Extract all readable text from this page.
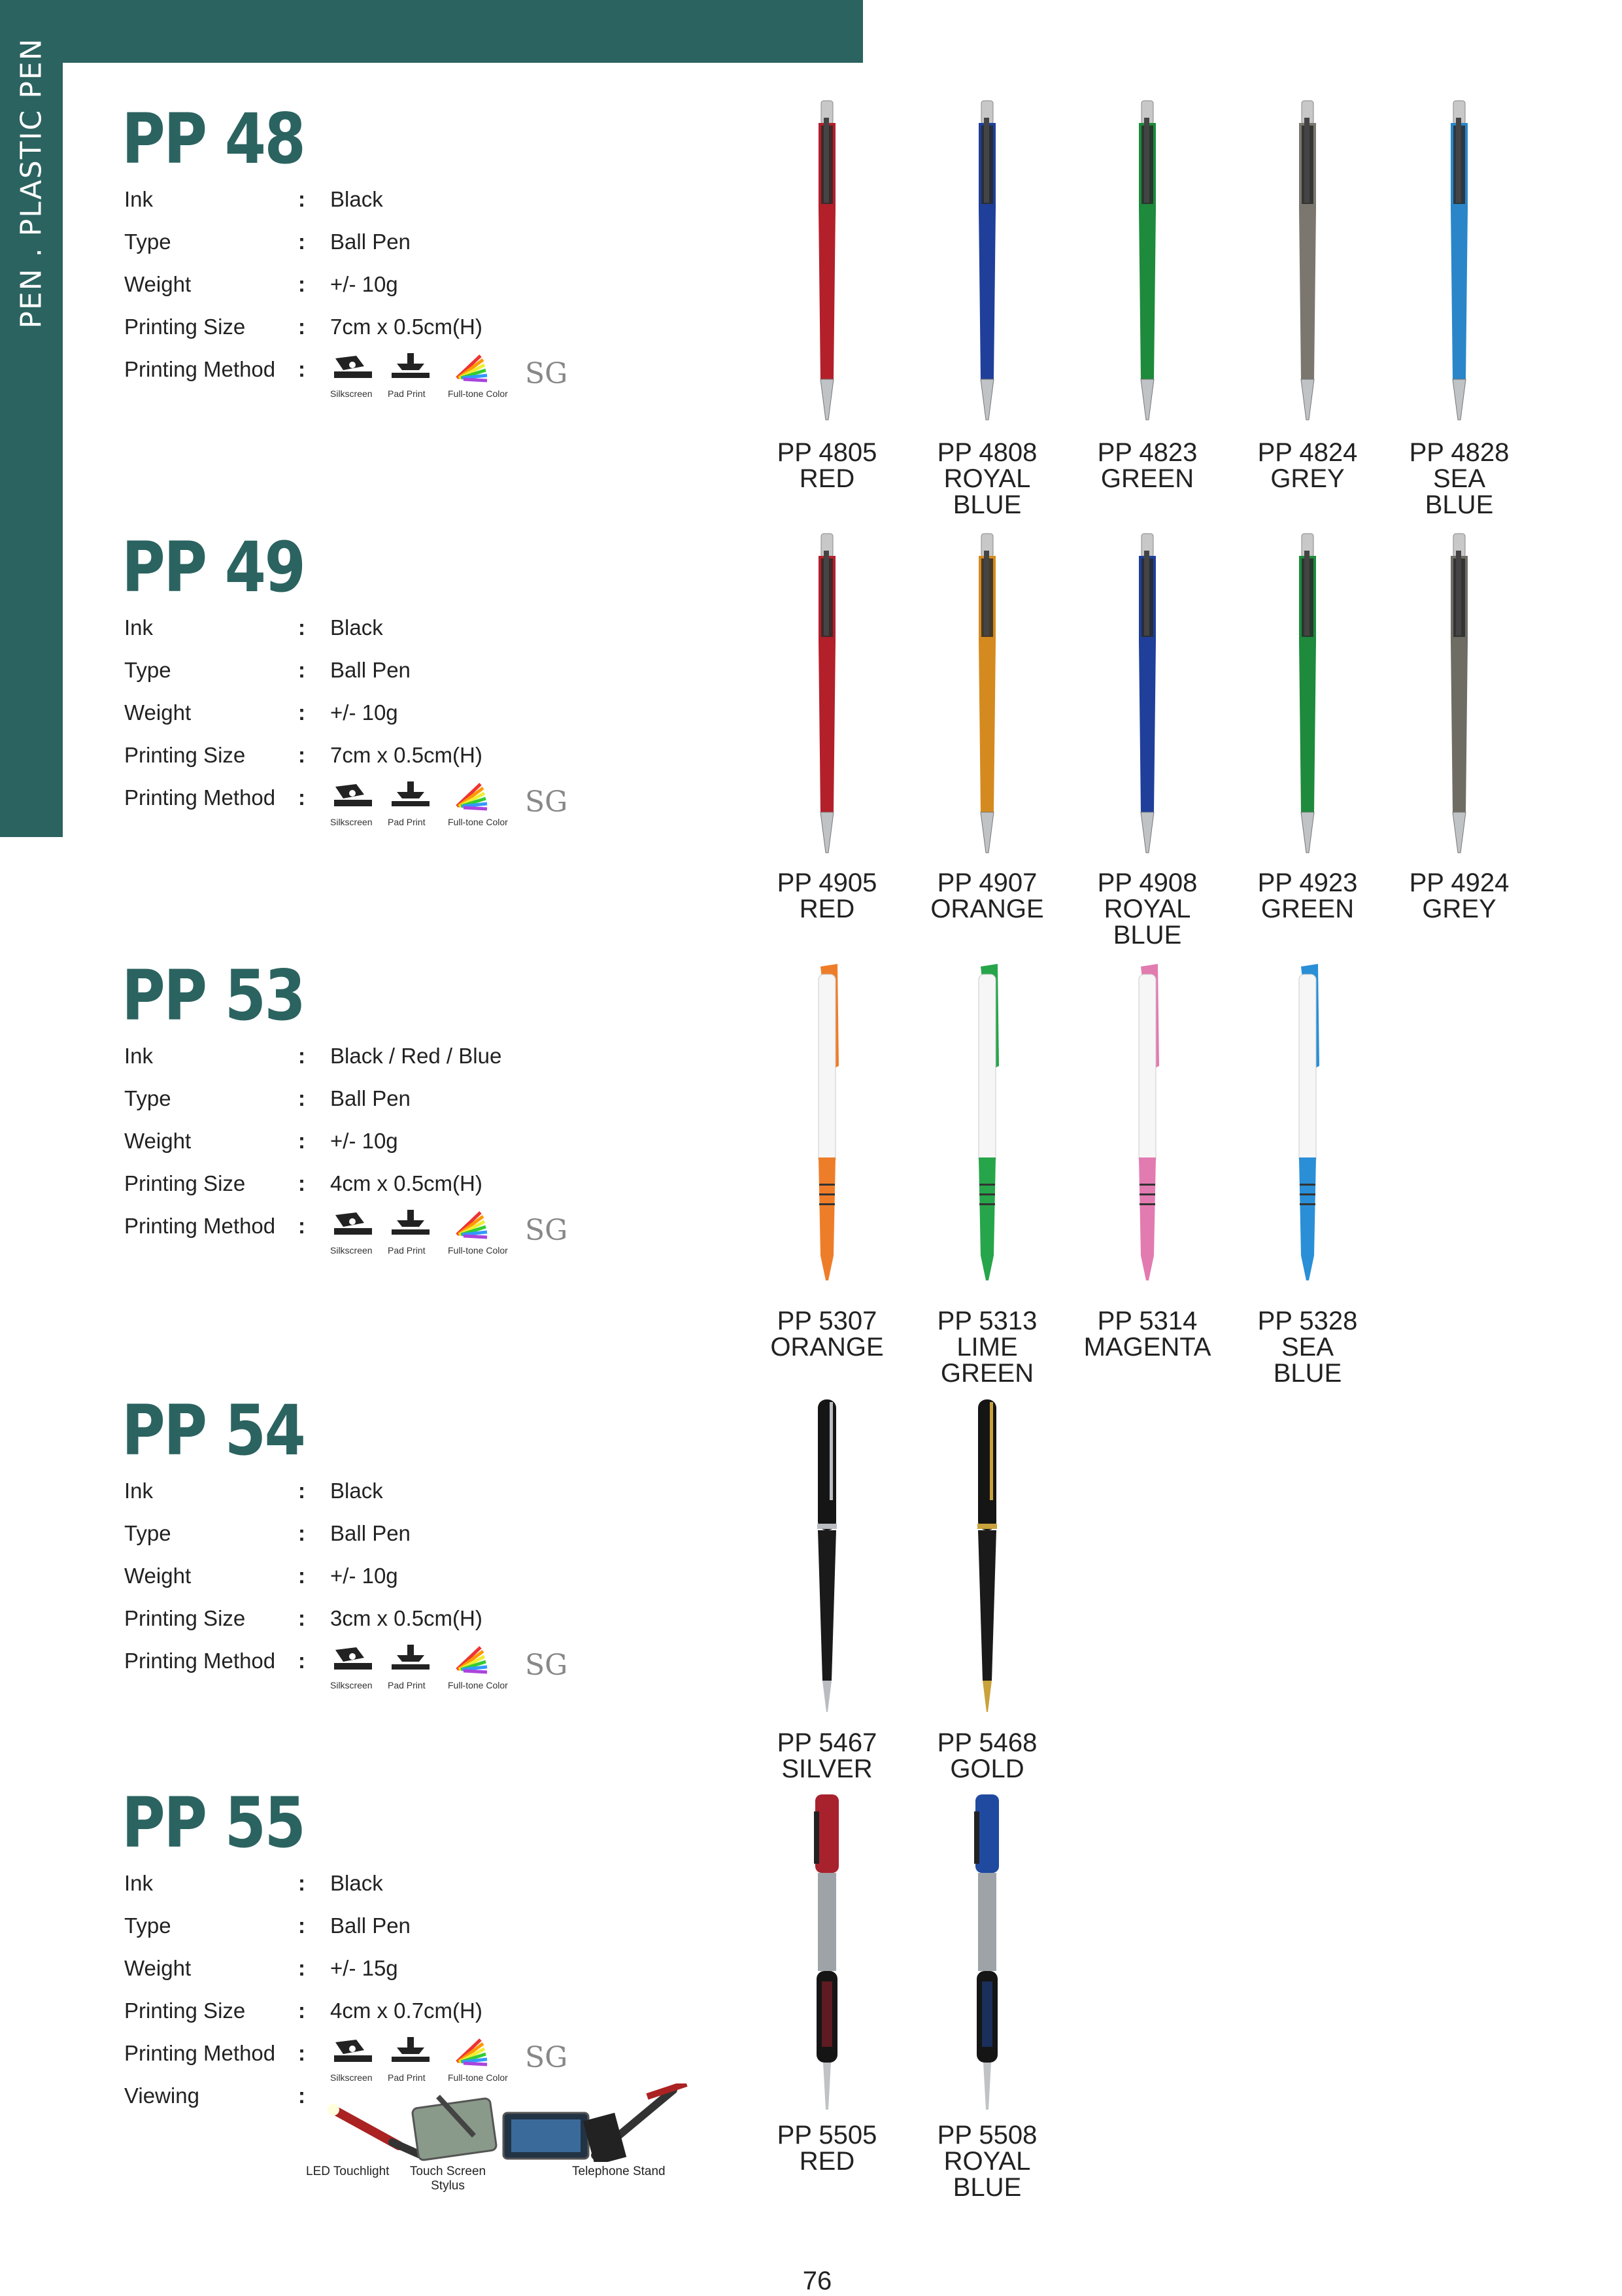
PEN . PLASTIC PEN PP 48
Ink	: Black
Type	: Ball Pen
Weight	: +/- 10g
Printing Size : 7cm x 0.5cm(H)
Printing Method :
Silkscreen	Pad Print	Full-tone Color
SG
PP 49
Ink	: Black
Type	: Ball Pen
Weight	: +/- 10g
Printing Size : 7cm x 0.5cm(H)
Printing Method :
Silkscreen	Pad Print	Full-tone Color
SG
PP 53
Ink	: Black / Red / Blue
Type	: Ball Pen
Weight	: +/- 10g
Printing Size : 4cm x 0.5cm(H)
Printing Method :
Silkscreen	Pad Print	Full-tone Color
SG
PP 54
Ink	: Black
Type	: Ball Pen
Weight	: +/- 10g
Printing Size : 3cm x 0.5cm(H)
Printing Method :
Silkscreen	Pad Print	Full-tone Color
SG
PP 55
Ink	: Black
Type	: Ball Pen
Weight	: +/- 15g
Printing Size : 4cm x 0.7cm(H)
Printing Method :
Silkscreen	Pad Print	Full-tone Color
SG
Viewing	:
LED Touchlight	Touch Screen Stylus
Telephone Stand
PP 4805
RED
PP 4808
ROYAL
BLUE
PP 4823
GREEN
PP 4824
GREY
PP 4828
SEA
BLUE
PP 4905
RED
PP 4907
ORANGE
PP 4908
ROYAL
BLUE
PP 4923
GREEN
PP 4924
GREY
PP 5307
ORANGE
PP 5313
LIME
GREEN
PP 5314
MAGENTA
PP 5328
SEA
BLUE
PP 5467
SILVER
PP 5468
GOLD
PP 5505
RED
PP 5508
ROYAL
BLUE
76
